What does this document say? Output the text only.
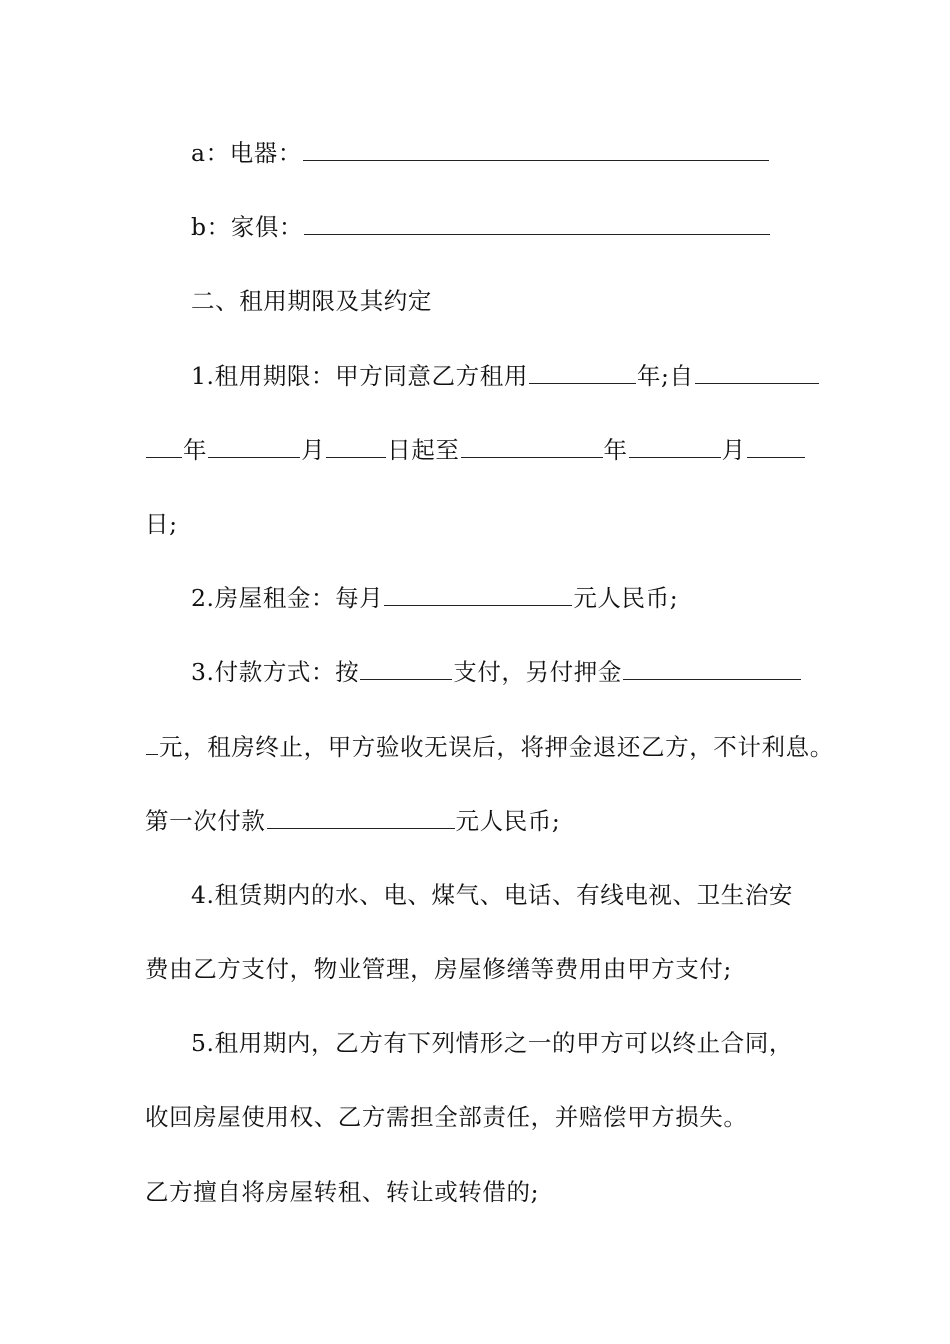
a：电器：
b：家俱：
二、租用期限及其约定
1.租用期限：甲方同意乙方租用	年;自
年	月	日起至	年	月
日;
2.房屋租金：每月	元人民币;
3.付款方式：按	支付，另付押金
元，租房终止，甲方验收无误后，将押金退还乙方，不计利息。
第一次付款	元人民币;
4.租赁期内的水、电、煤气、电话、有线电视、卫生治安
费由乙方支付，物业管理，房屋修缮等费用由甲方支付;
5.租用期内，乙方有下列情形之一的甲方可以终止合同，
收回房屋使用权、乙方需担全部责任，并赔偿甲方损失。
乙方擅自将房屋转租、转让或转借的;
